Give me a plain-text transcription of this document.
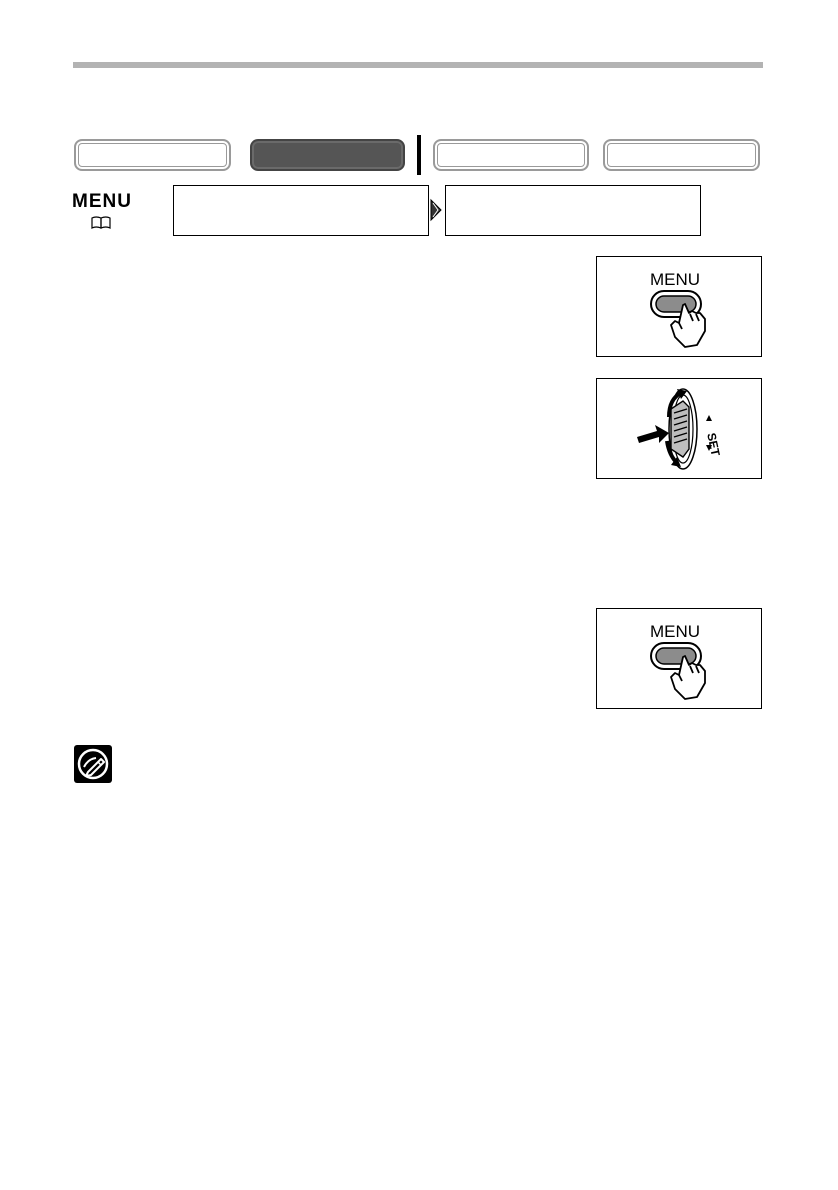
MENU
MENU
SET
MENU
